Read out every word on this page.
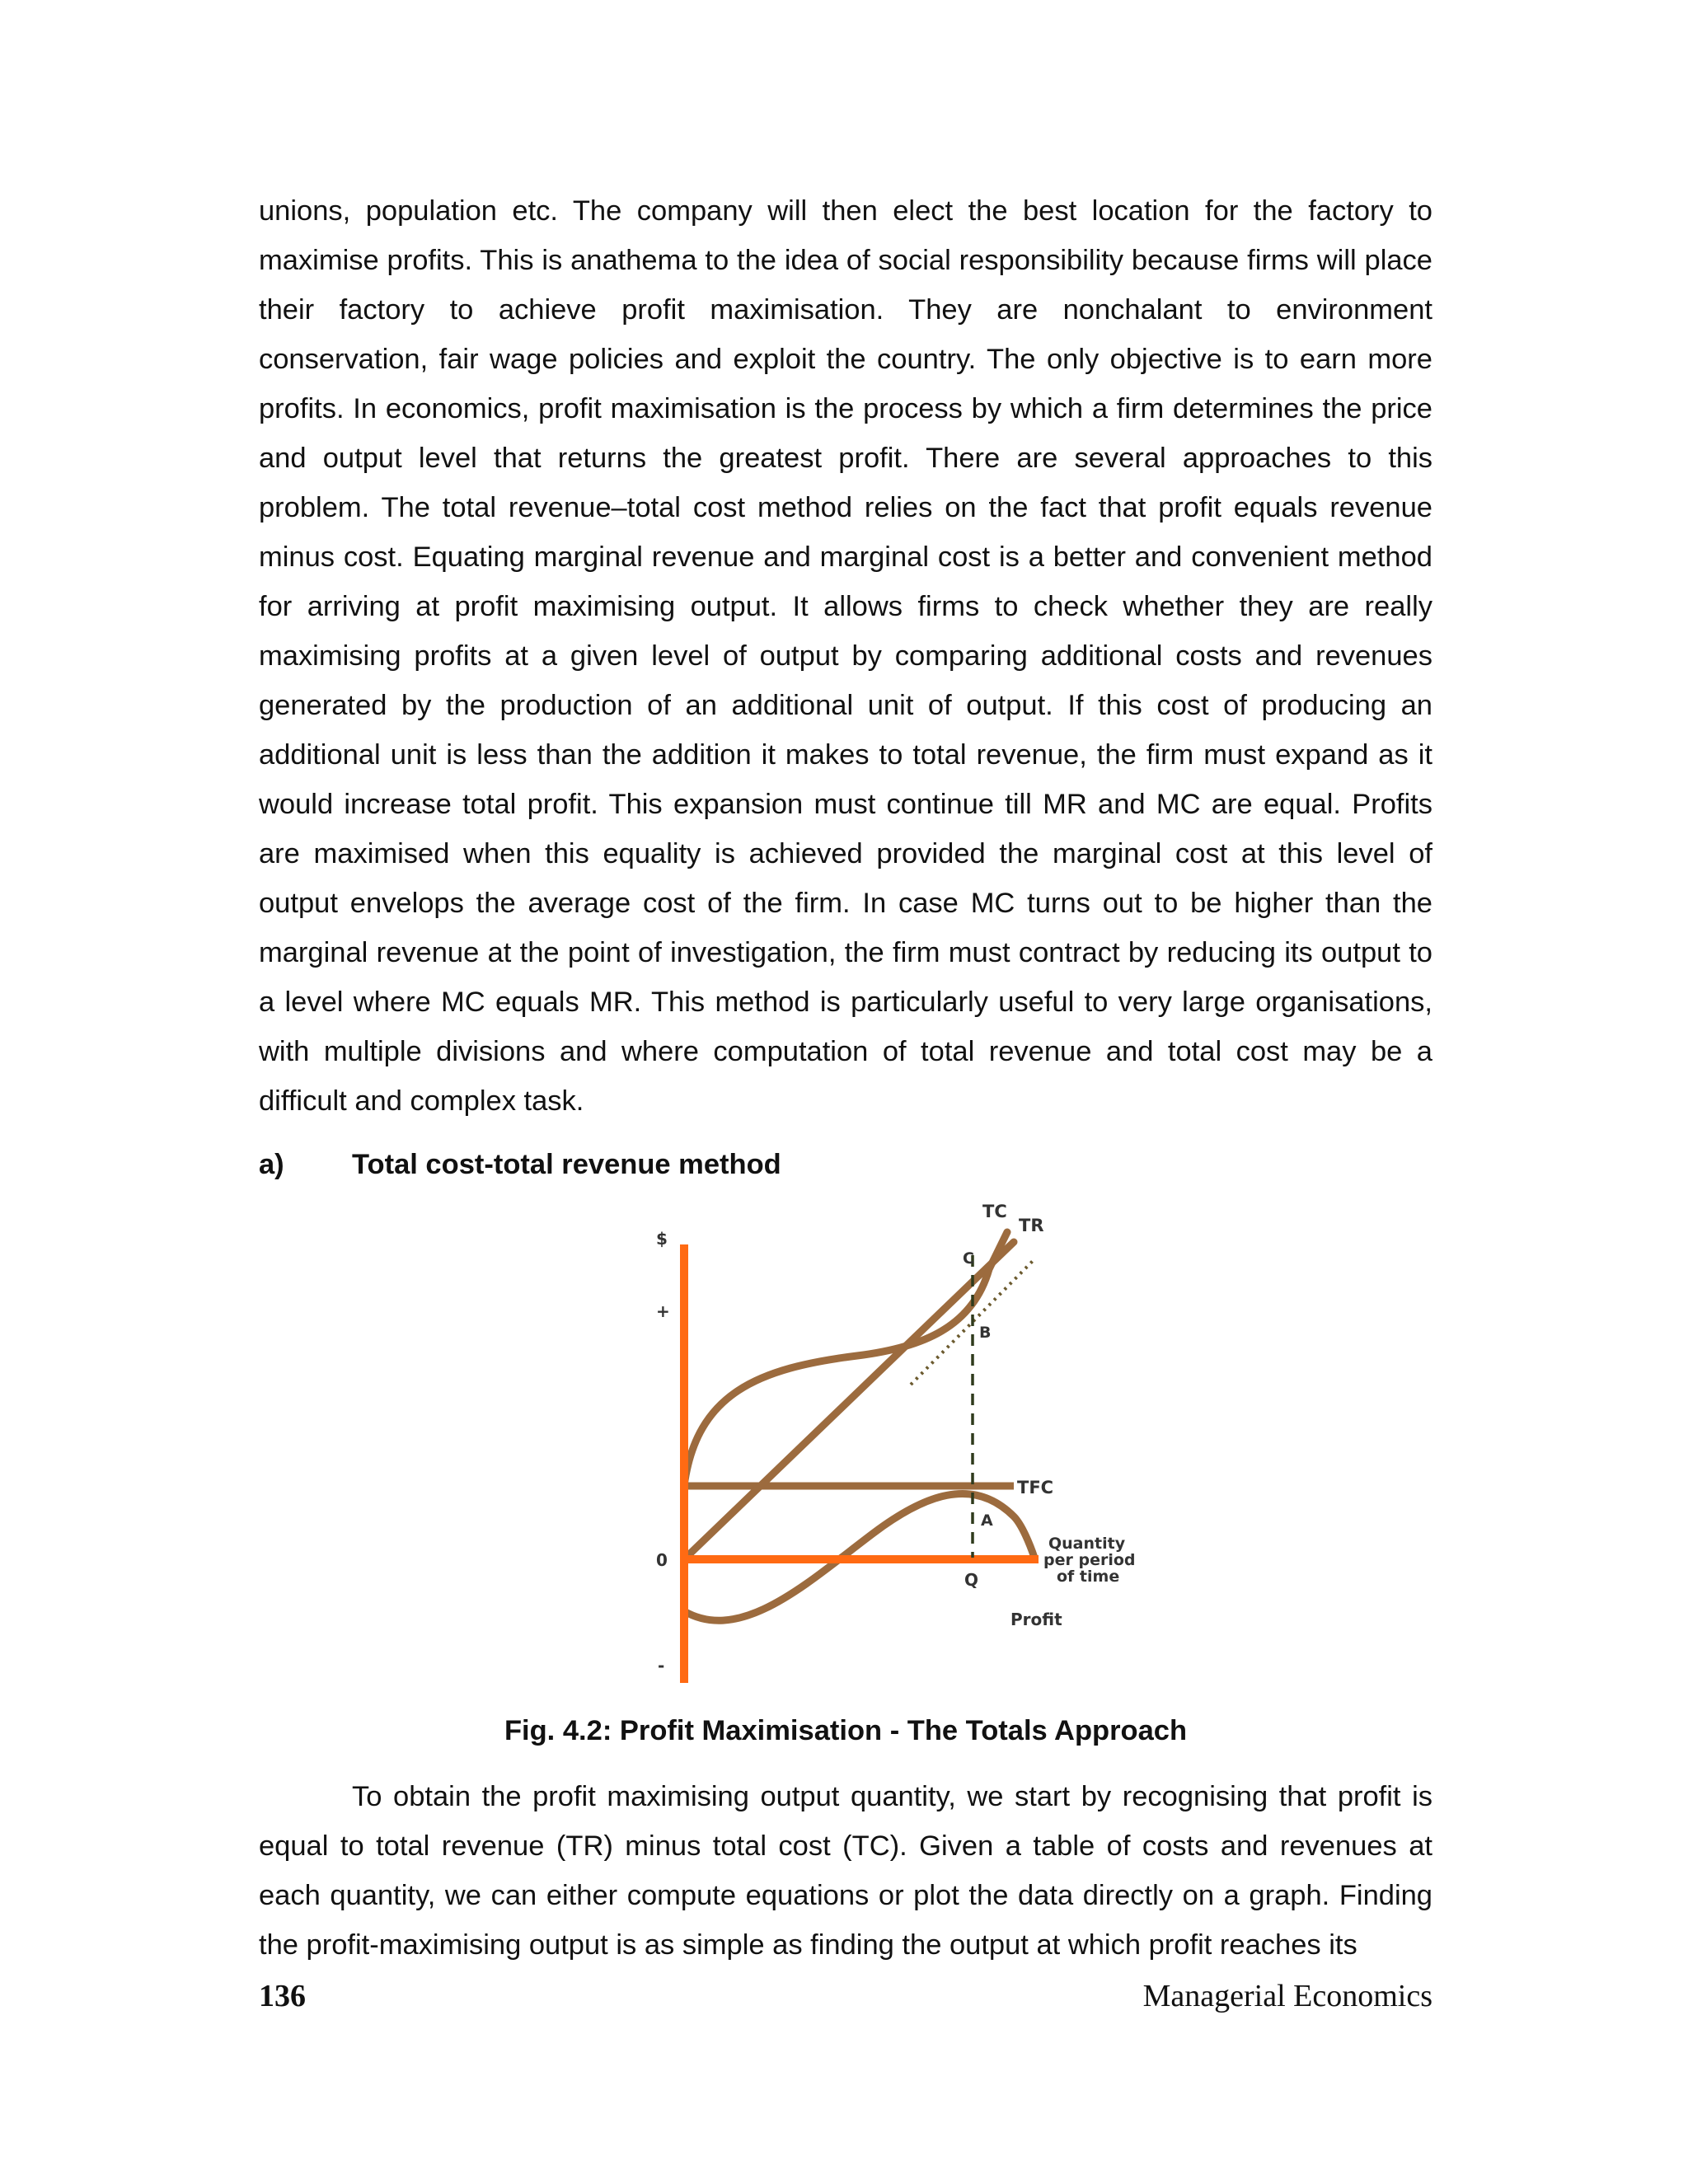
unions, population etc. The company will then elect the best location for the factory to maximise profits. This is anathema to the idea of social responsibility because firms will place their factory to achieve profit maximisation. They are nonchalant to environment conservation, fair wage policies and exploit the country. The only objective is to earn more profits. In economics, profit maximisation is the process by which a firm determines the price and output level that returns the greatest profit. There are several approaches to this problem. The total revenue–total cost method relies on the fact that profit equals revenue minus cost. Equating marginal revenue and marginal cost is a better and convenient method for arriving at profit maximising output. It allows firms to check whether they are really maximising profits at a given level of output by comparing additional costs and revenues generated by the production of an additional unit of output. If this cost of producing an additional unit is less than the addition it makes to total revenue, the firm must expand as it would increase total profit. This expansion must continue till MR and MC are equal. Profits are maximised when this equality is achieved provided the marginal cost at this level of output envelops the average cost of the firm. In case MC turns out to be higher than the marginal revenue at the point of investigation, the firm must contract by reducing its output to a level where MC equals MR. This method is particularly useful to very large organisations, with multiple divisions and where computation of total revenue and total cost may be a difficult and complex task.

a) Total cost-total revenue method
$
+
-
0
Q
TC
TR
C
B
A
TFC
Profit
Quantity
per period
of time
Fig. 4.2: Profit Maximisation - The Totals Approach

To obtain the profit maximising output quantity, we start by recognising that profit is equal to total revenue (TR) minus total cost (TC). Given a table of costs and revenues at each quantity, we can either compute equations or plot the data directly on a graph. Finding the profit-maximising output is as simple as finding the output at which profit reaches its

136	Managerial Economics
